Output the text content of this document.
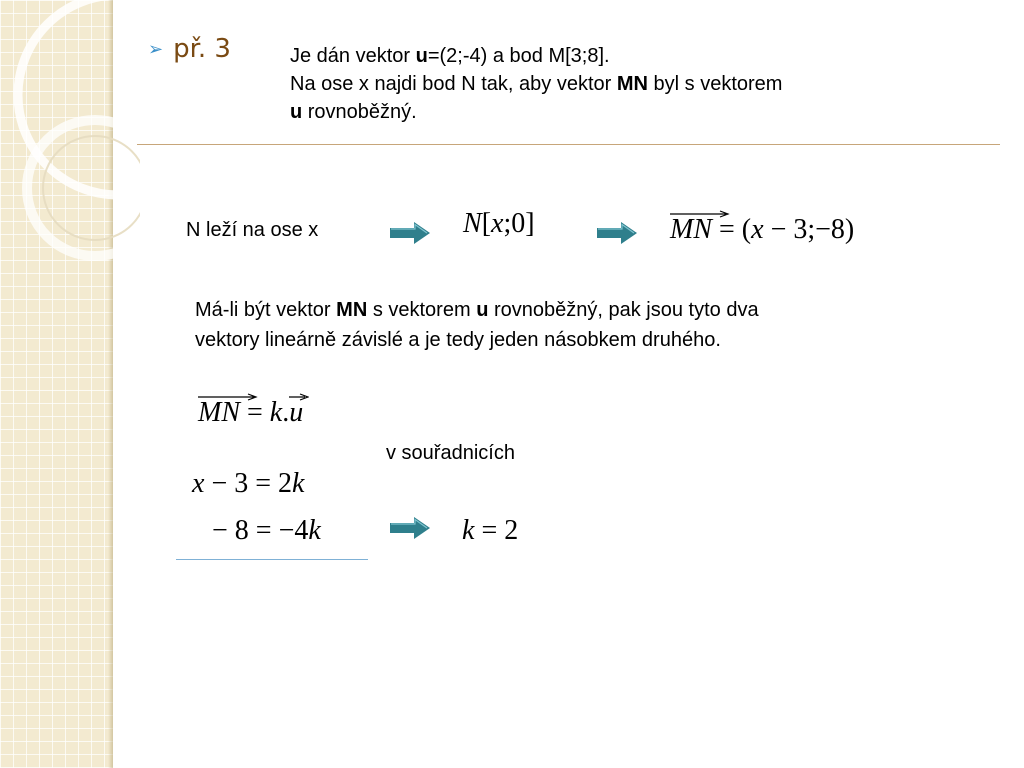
➢ př. 3	Je dán vektor u=(2;-4) a bod M[3;8].
Na ose x najdi bod N tak, aby vektor MN byl s vektorem
u rovnoběžný.
N leží na ose x	N[x;0]	MN = (x − 3;−8)
Má-li být vektor MN s vektorem u rovnoběžný, pak jsou tyto dva
vektory lineárně závislé a je tedy jeden násobkem druhého.
MN = k.
u
v souřadnicích
x − 3 = 2k
− 8 = −4k	k = 2
